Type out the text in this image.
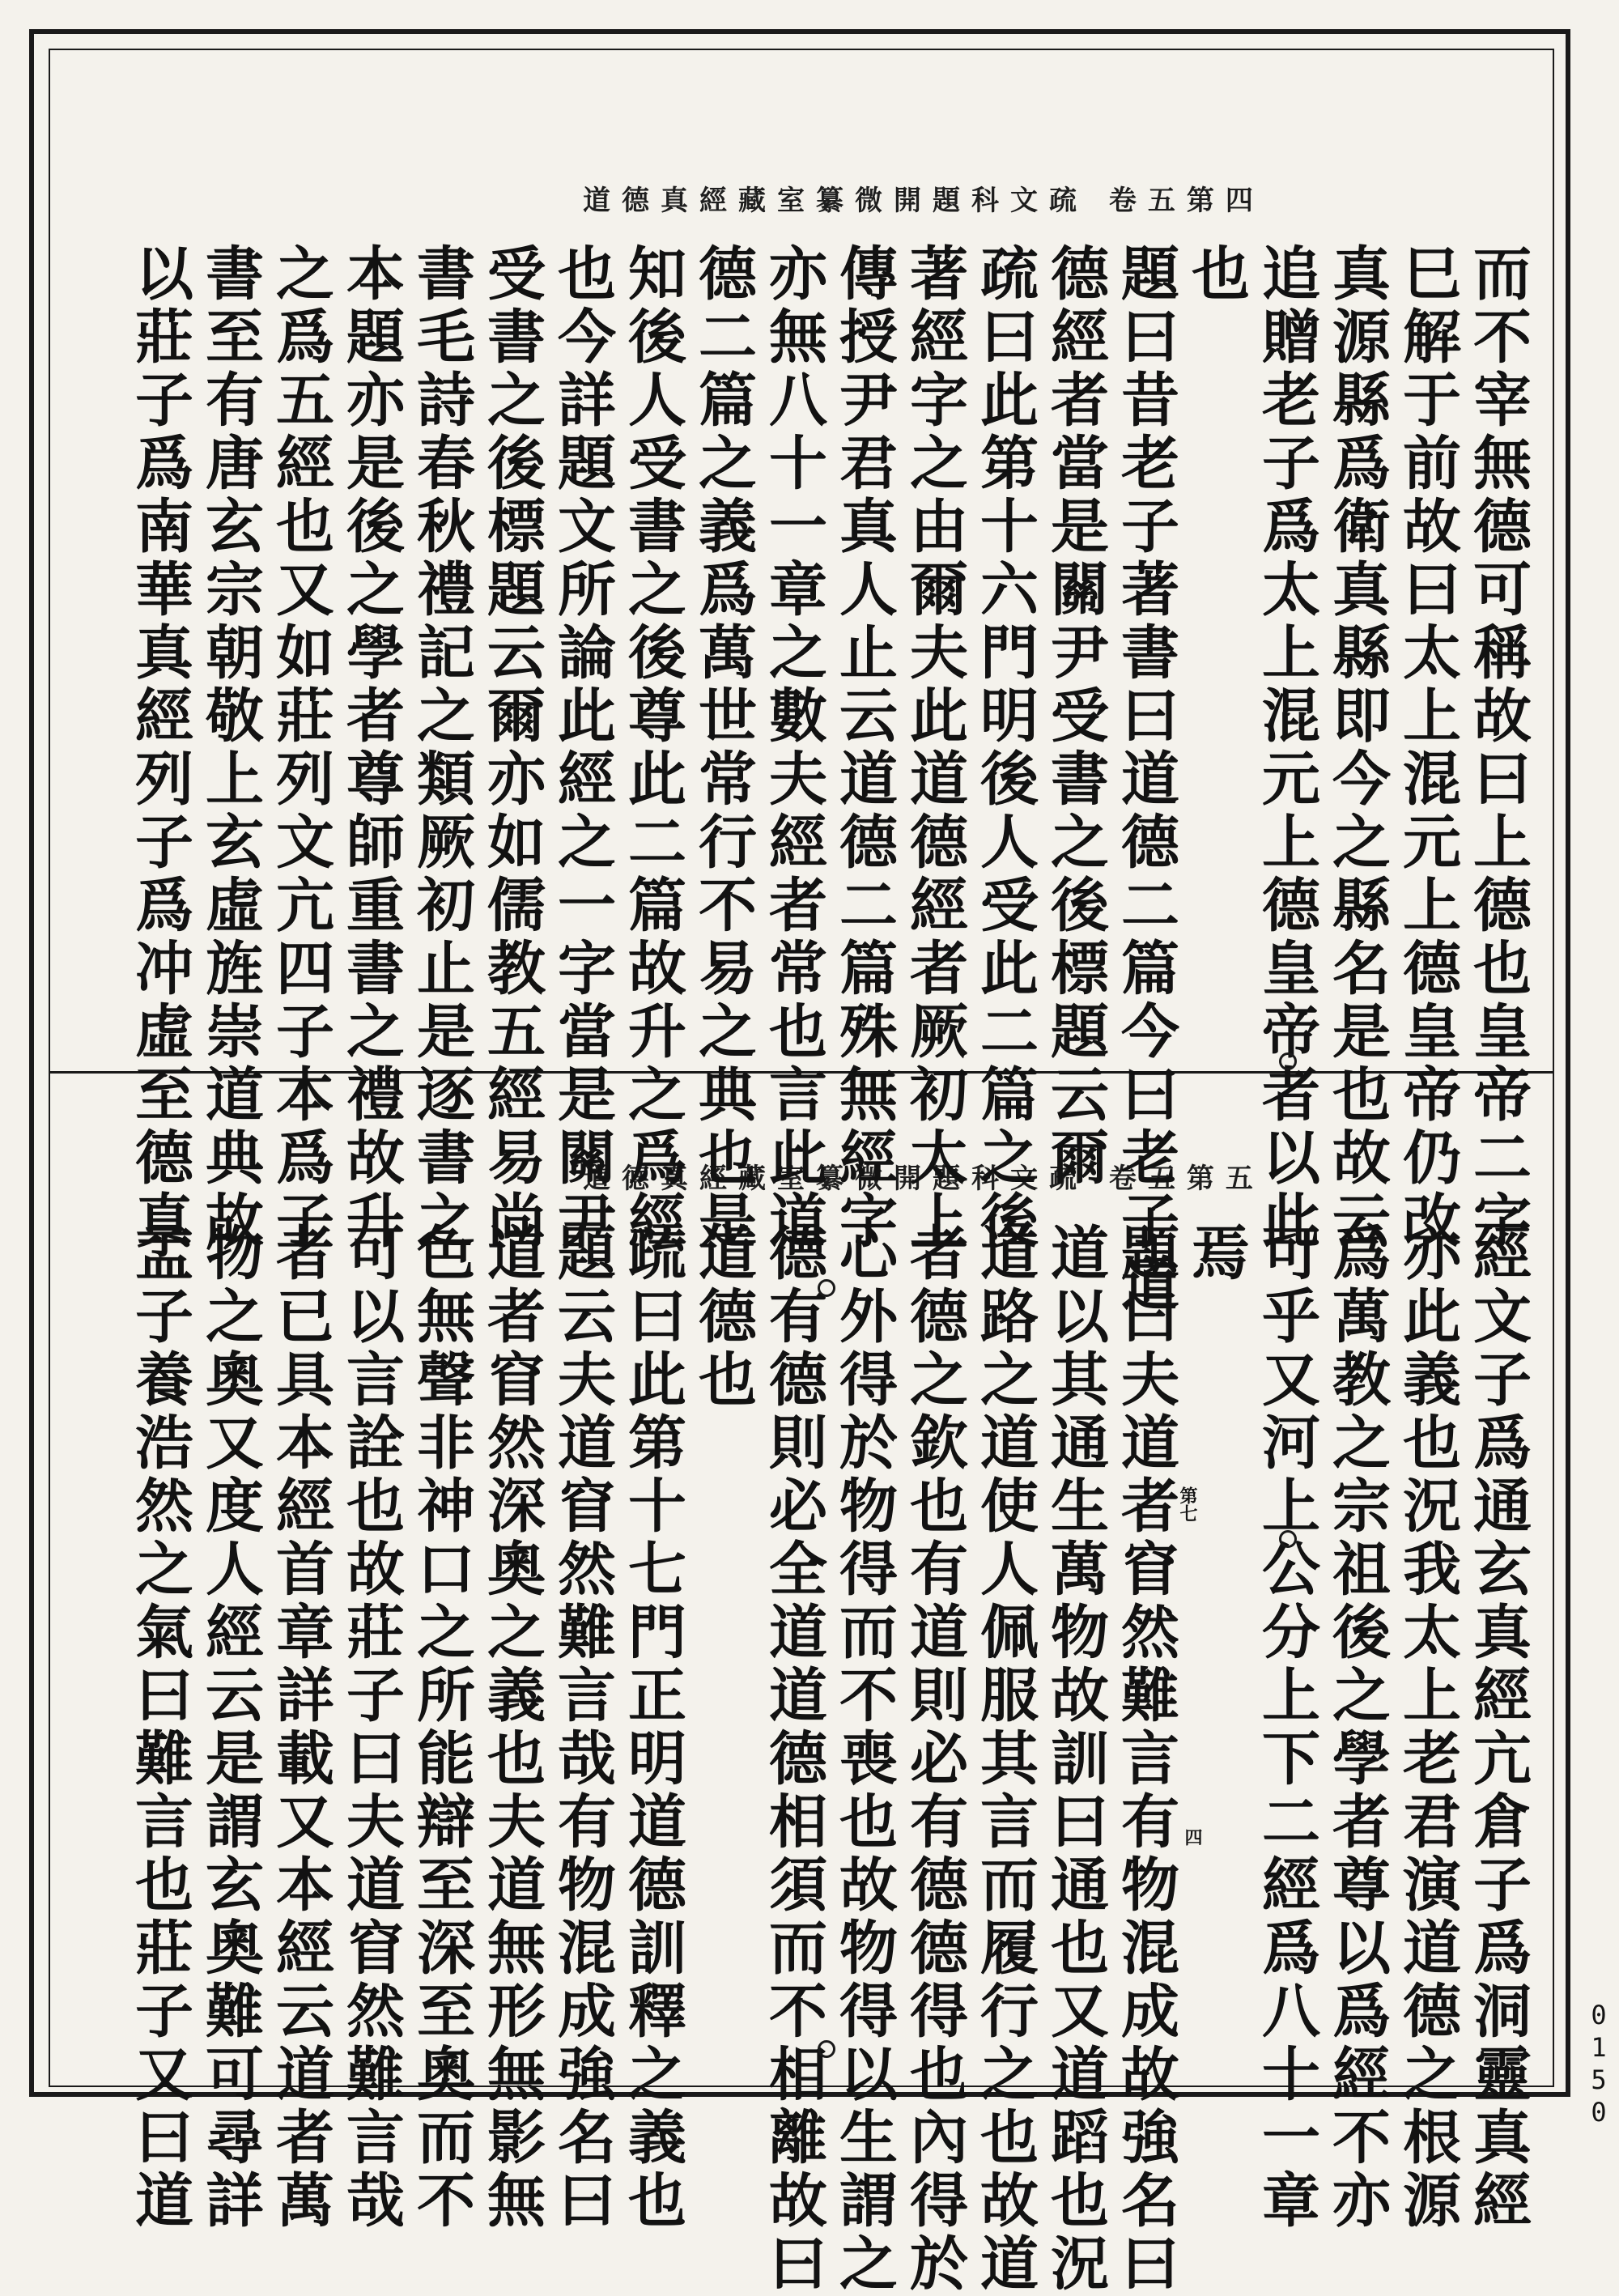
道德真經藏室纂微開題科文疏 卷五第四
道德真經藏室纂微開題科文疏 卷五第五	而不宰無德可稱故曰上德也皇帝二字
巳解于前故曰太上混元上德皇帝仍改
真源縣爲衛真縣即今之縣名是也故云
追贈老子爲太上混元上德皇帝者以此
也
題曰昔老子著書曰道德二篇今曰老子道
德經者當是關尹受書之後標題云爾
疏曰此第十六門明後人受此二篇之後
著經字之由爾夫此道德經者厥初太上
傳授尹君真人止云道德二篇殊無經字
亦無八十一章之數夫經者常也言此道
德二篇之義爲萬世常行不易之典也是
知後人受書之後尊此二篇故升之爲經
也今詳題文所論此經之一字當是關尹
受書之後標題云爾亦如儒教五經易尚
書毛詩春秋禮記之類厥初止是逐書之
本題亦是後之學者尊師重書之禮故升
之爲五經也又如莊列文亢四子本爲子
書至有唐玄宗朝敬上玄虛旌崇道典故
以莊子爲南華真經列子爲冲虛至德真
經文子爲通玄真經亢倉子爲洞靈真經
亦此義也況我太上老君演道德之根源
爲萬教之宗祖後之學者尊以爲經不亦
可乎又河上公分上下二經爲八十一章
焉
題曰夫道者窅然難言有物混成故強名曰
道以其通生萬物故訓曰通也又道蹈也況
道路之道使人佩服其言而履行之也故道
者德之欽也有道則必有德德得也內得於
心外得於物得而不喪也故物得以生謂之
德有德則必全道道德相須而不相離故曰
道德也
疏曰此第十七門正明道德訓釋之義也
題云夫道窅然難言哉有物混成強名曰
道者窅然深奧之義也夫道無形無影無
色無聲非神口之所能辯至深至奧而不
可以言詮也故莊子曰夫道窅然難言哉
者已具本經首章詳載又本經云道者萬
物之奧又度人經云是謂玄奧難可尋詳
孟子養浩然之氣曰難言也莊子又曰道	四
第七
0150
